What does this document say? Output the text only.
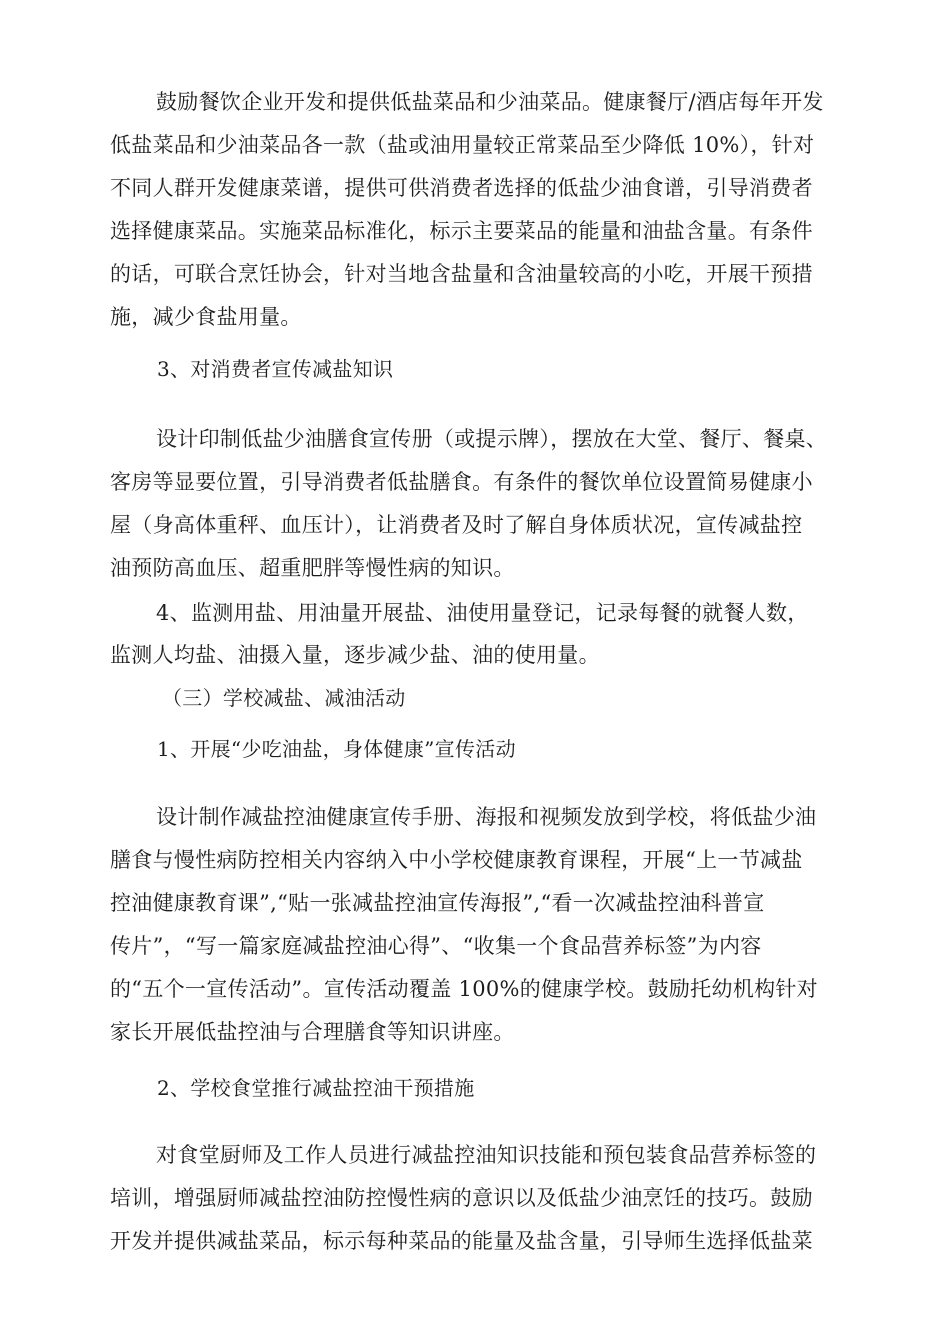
鼓励餐饮企业开发和提供低盐菜品和少油菜品。健康餐厅/酒店每年开发

低盐菜品和少油菜品各一款（盐或油用量较正常菜品至少降低 10%），针对

不同人群开发健康菜谱，提供可供消费者选择的低盐少油食谱，引导消费者

选择健康菜品。实施菜品标准化，标示主要菜品的能量和油盐含量。有条件

的话，可联合烹饪协会，针对当地含盐量和含油量较高的小吃，开展干预措

施，减少食盐用量。

3、对消费者宣传减盐知识

设计印制低盐少油膳食宣传册（或提示牌），摆放在大堂、餐厅、餐桌、

客房等显要位置，引导消费者低盐膳食。有条件的餐饮单位设置简易健康小

屋（身高体重秤、血压计），让消费者及时了解自身体质状况，宣传减盐控

油预防高血压、超重肥胖等慢性病的知识。

4、监测用盐、用油量开展盐、油使用量登记，记录每餐的就餐人数，

监测人均盐、油摄入量，逐步减少盐、油的使用量。

（三）学校减盐、减油活动

1、开展“少吃油盐，身体健康”宣传活动

设计制作减盐控油健康宣传手册、海报和视频发放到学校，将低盐少油

膳食与慢性病防控相关内容纳入中小学校健康教育课程，开展“上一节减盐

控油健康教育课”,“贴一张减盐控油宣传海报”,“看一次减盐控油科普宣

传片”，“写一篇家庭减盐控油心得”、“收集一个食品营养标签”为内容

的“五个一宣传活动”。宣传活动覆盖 100%的健康学校。鼓励托幼机构针对

家长开展低盐控油与合理膳食等知识讲座。

2、学校食堂推行减盐控油干预措施

对食堂厨师及工作人员进行减盐控油知识技能和预包装食品营养标签的

培训，增强厨师减盐控油防控慢性病的意识以及低盐少油烹饪的技巧。鼓励

开发并提供减盐菜品，标示每种菜品的能量及盐含量，引导师生选择低盐菜
